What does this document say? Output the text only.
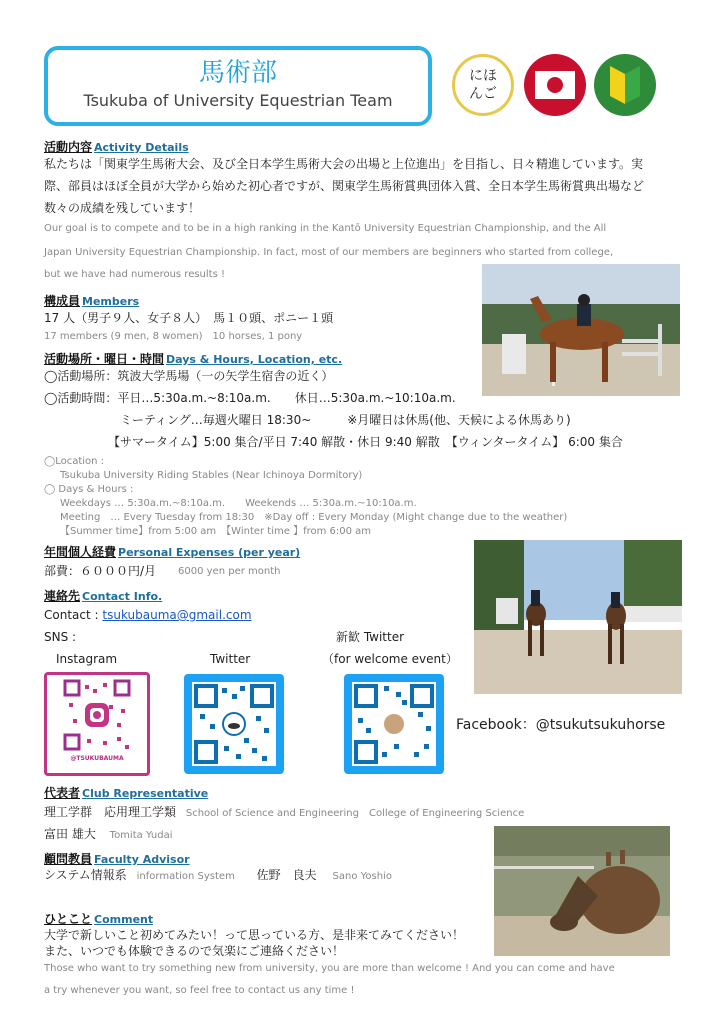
馬術部
Tsukuba of University Equestrian Team
にほんご
活動内容 Activity Details
私たちは「関東学生馬術大会、及び全日本学生馬術大会の出場と上位進出」を目指し、日々精進しています。実
際、部員はほぼ全員が大学から始めた初心者ですが、関東学生馬術賞典団体入賞、全日本学生馬術賞典出場など
数々の成績を残しています！
Our goal is to compete and to be in a high ranking in the Kantō University Equestrian Championship, and the All
Japan University Equestrian Championship. In fact, most of our members are beginners who started from college,
but we have had numerous results !
構成員 Members
17 人（男子９人、女子８人）　馬１０頭、ポニー１頭
17 members (9 men, 8 women)　10 horses, 1 pony
活動場所・曜日・時間 Days & Hours, Location, etc.
◯活動場所：筑波大学馬場（一の矢学生宿舎の近く）
◯活動時間：平日…5:30a.m.~8:10a.m.　　休日…5:30a.m.~10:10a.m.
ミーティング…毎週火曜日 18:30~　　　※月曜日は休馬(他、天候による休馬あり)
【サマータイム】5:00 集合/平日 7:40 解散・休日 9:40 解散　【ウィンタータイム】 6:00 集合
◯Location :
Tsukuba University Riding Stables (Near Ichinoya Dormitory)
◯ Days & Hours :
Weekdays … 5:30a.m.~8:10a.m.　　Weekends … 5:30a.m.~10:10a.m.
Meeting　… Every Tuesday from 18:30　※Day off : Every Monday (Might change due to the weather)
【Summer time】from 5:00 am　【Winter time 】from 6:00 am
年間個人経費 Personal Expenses (per year)
部費：６０００円/月 6000 yen per month
連絡先 Contact Info.
Contact : tsukubauma@gmail.com
SNS :	新歓 Twitter
Instagram	Twitter	（for welcome event）
@TSUKUBAUMA
Facebook：@tsukutsukuhorse
代表者 Club Representative
理工学群　応用理工学類 School of Science and Engineering　College of Engineering Science
富田 雄大 Tomita Yudai
顧問教員 Faculty Advisor
システム情報系 information System 佐野　良夫 Sano Yoshio
ひとこと Comment
大学で新しいこと初めてみたい！って思っている方、是非来てみてください！
また、いつでも体験できるので気楽にご連絡ください！
Those who want to try something new from university, you are more than welcome ! And you can come and have
a try whenever you want, so feel free to contact us any time !
